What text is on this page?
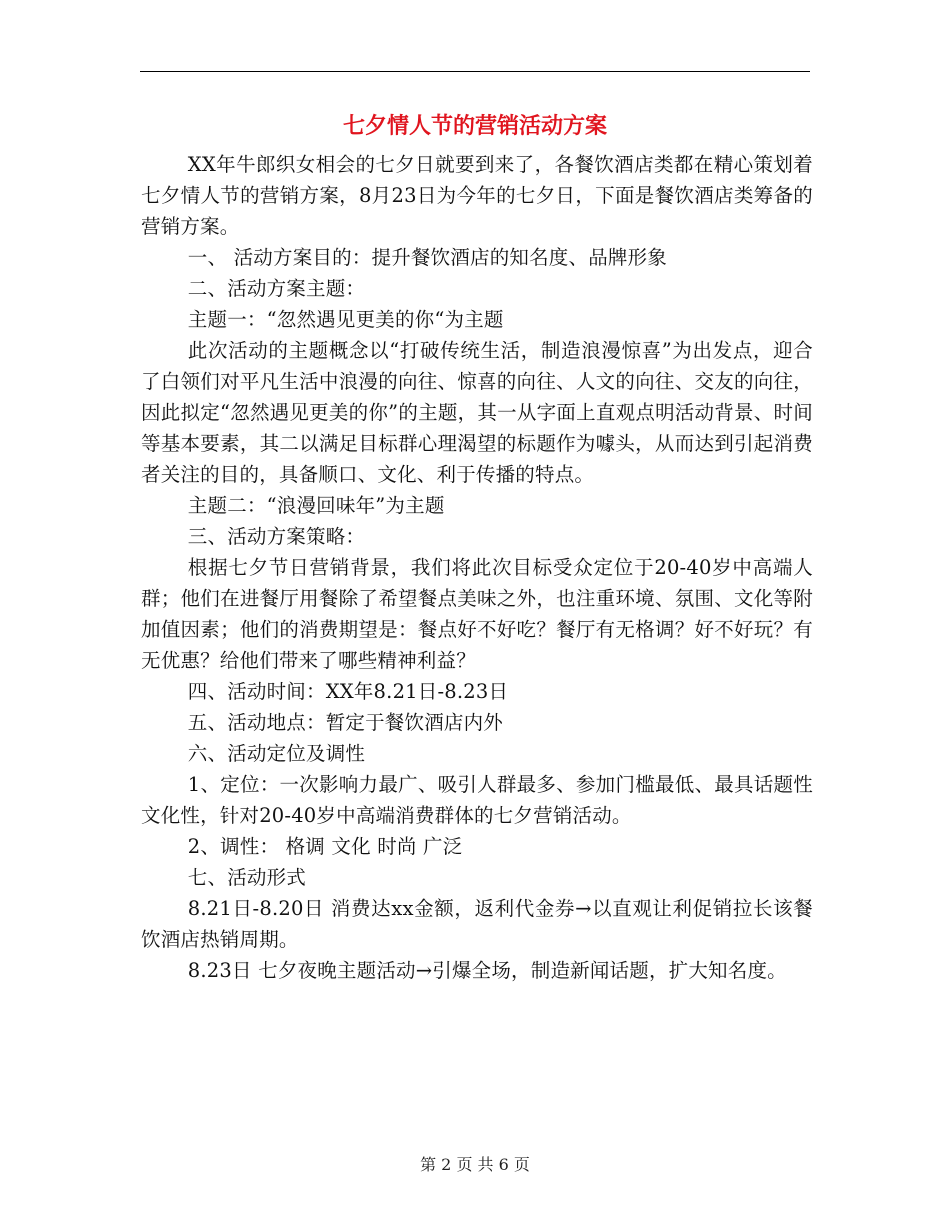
七夕情人节的营销活动方案

XX年牛郎织女相会的七夕日就要到来了，各餐饮酒店类都在精心策划着七夕情人节的营销方案，8月23日为今年的七夕日，下面是餐饮酒店类筹备的营销方案。

一、 活动方案目的：提升餐饮酒店的知名度、品牌形象

二、活动方案主题：

主题一：“忽然遇见更美的你“为主题

此次活动的主题概念以“打破传统生活，制造浪漫惊喜”为出发点，迎合了白领们对平凡生活中浪漫的向往、惊喜的向往、人文的向往、交友的向往，因此拟定“忽然遇见更美的你”的主题，其一从字面上直观点明活动背景、时间等基本要素，其二以满足目标群心理渴望的标题作为噱头，从而达到引起消费者关注的目的，具备顺口、文化、利于传播的特点。

主题二：“浪漫回味年”为主题

三、活动方案策略：

根据七夕节日营销背景，我们将此次目标受众定位于20-40岁中高端人群；他们在进餐厅用餐除了希望餐点美味之外，也注重环境、氛围、文化等附加值因素；他们的消费期望是：餐点好不好吃？餐厅有无格调？好不好玩？有无优惠？给他们带来了哪些精神利益？

四、活动时间：XX年8.21日-8.23日

五、活动地点：暂定于餐饮酒店内外

六、活动定位及调性

1、定位：一次影响力最广、吸引人群最多、参加门槛最低、最具话题性文化性，针对20-40岁中高端消费群体的七夕营销活动。

2、调性： 格调 文化 时尚 广泛

七、活动形式

8.21日-8.20日 消费达xx金额，返利代金券→以直观让利促销拉长该餐饮酒店热销周期。

8.23日 七夕夜晚主题活动→引爆全场，制造新闻话题，扩大知名度。

第 2 页 共 6 页
